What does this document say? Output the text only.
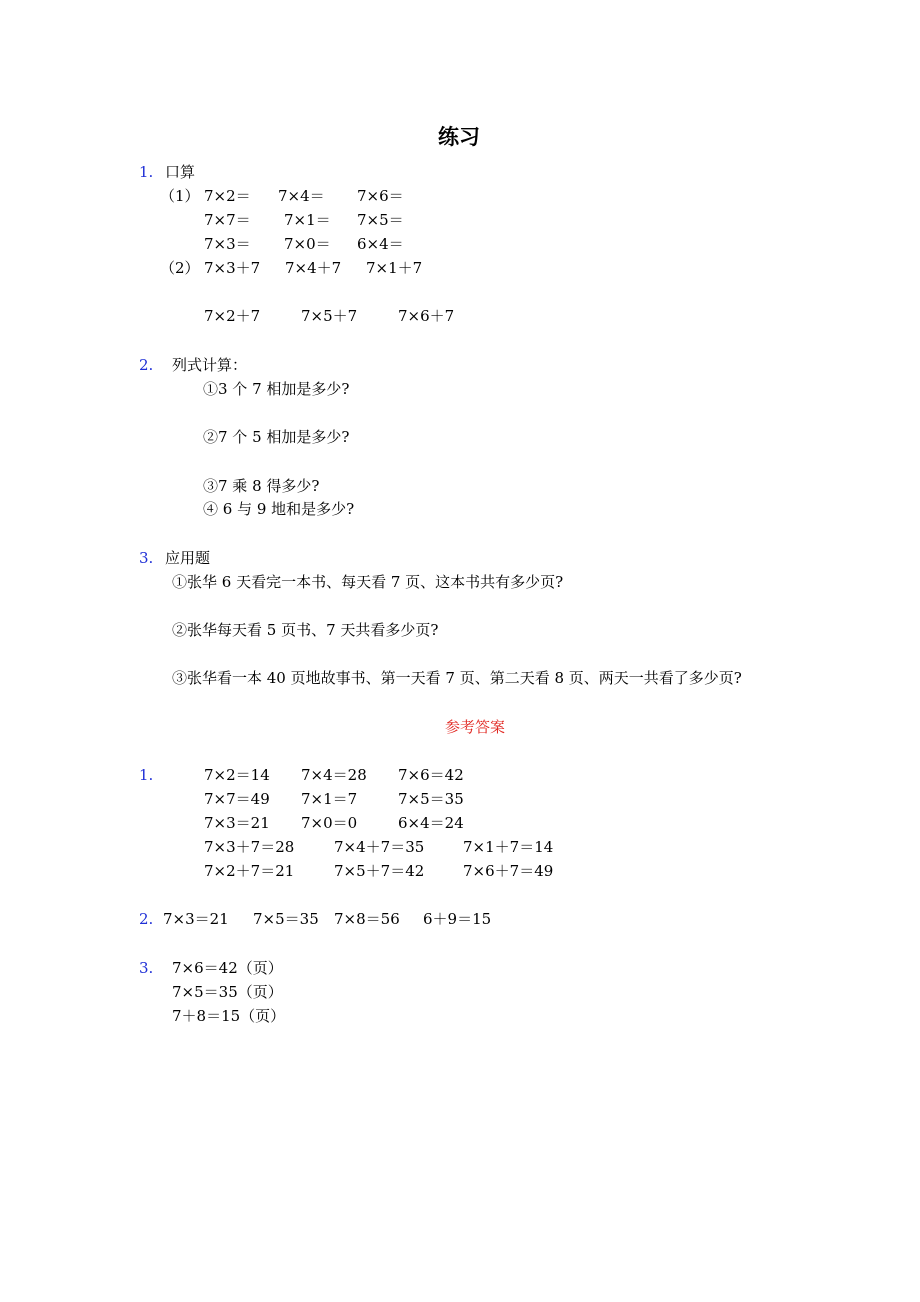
练习
1. 口算
（1） 7×2＝ 7×4＝ 7×6＝
7×7＝ 7×1＝ 7×5＝
7×3＝ 7×0＝ 6×4＝
（2） 7×3＋7 7×4＋7 7×1＋7
7×2＋7	7×5＋7	7×6＋7
2. 列式计算：
①3 个 7 相加是多少?
②7 个 5 相加是多少?
③7 乘 8 得多少?
④ 6 与 9 地和是多少?
3. 应用题
①张华 6 天看完一本书、每天看 7 页、这本书共有多少页?
②张华每天看 5 页书、7 天共看多少页?
③张华看一本 40 页地故事书、第一天看 7 页、第二天看 8 页、两天一共看了多少页?
参考答案
1.	7×2＝14 7×4＝28 7×6＝42
7×7＝49 7×1＝7	7×5＝35
7×3＝21 7×0＝0	6×4＝24
7×3＋7＝28	7×4＋7＝35	7×1＋7＝14
7×2＋7＝21	7×5＋7＝42	7×6＋7＝49
2. 7×3＝21 7×5＝35 7×8＝56 6＋9＝15
3. 7×6＝42（页）
7×5＝35（页）
7＋8＝15（页）
